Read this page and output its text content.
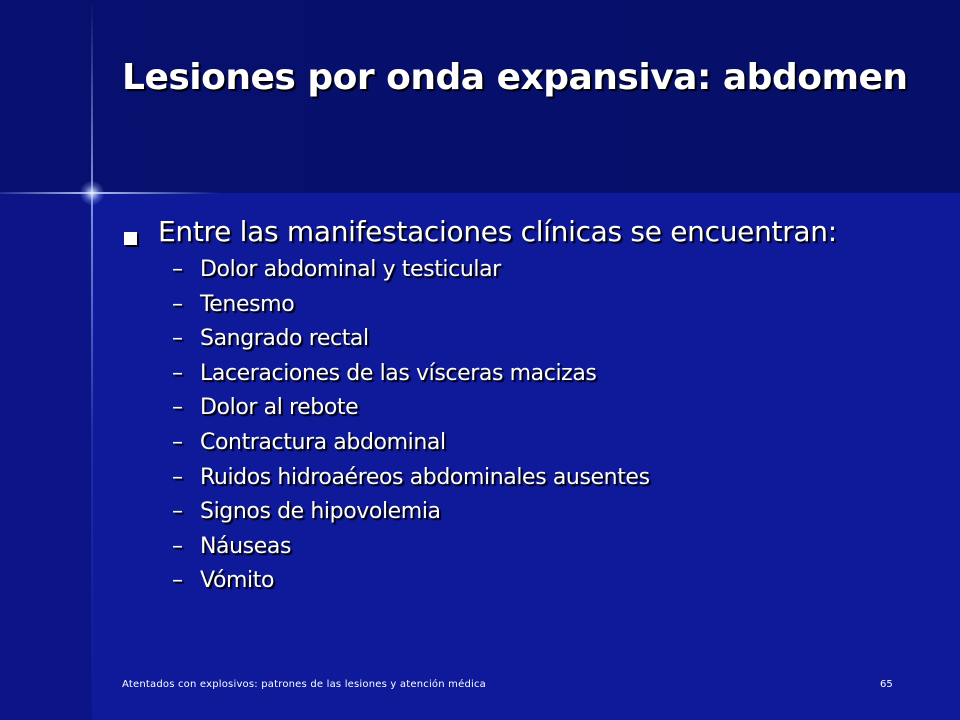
Lesiones por onda expansiva: abdomen
Entre las manifestaciones clínicas se encuentran:
– Dolor abdominal y testicular
– Tenesmo
– Sangrado rectal
– Laceraciones de las vísceras macizas
– Dolor al rebote
– Contractura abdominal
– Ruidos hidroaéreos abdominales ausentes
– Signos de hipovolemia
– Náuseas
– Vómito
Atentados con explosivos: patrones de las lesiones y atención médica	65
